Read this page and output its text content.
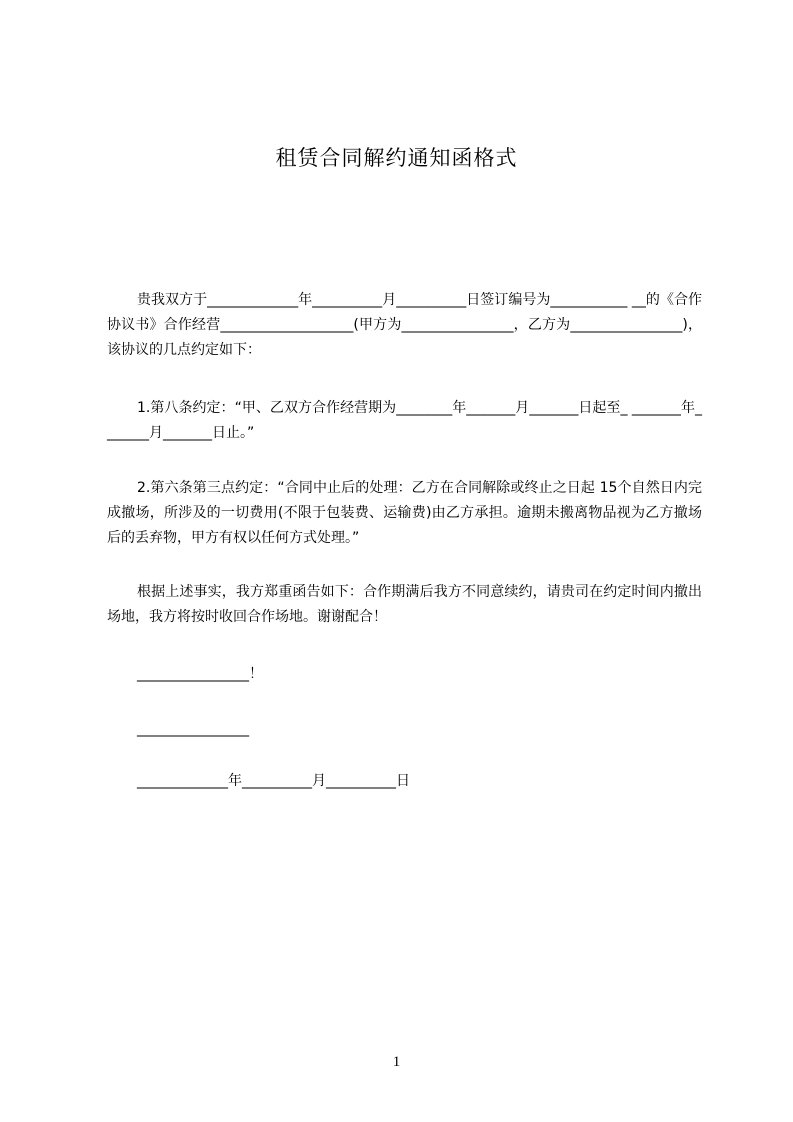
租赁合同解约通知函格式

贵我双方于_____________年__________月__________日签订编号为___________ __的《合作协议书》合作经营___________________(甲方为________________，乙方为________________)，该协议的几点约定如下：

1.第八条约定：“甲、乙双方合作经营期为________年_______月_______日起至_ _______年_______月_______日止。”

2.第六条第三点约定：“合同中止后的处理：乙方在合同解除或终止之日起 15个自然日内完成撤场，所涉及的一切费用(不限于包装费、运输费)由乙方承担。逾期未搬离物品视为乙方撤场后的丢弃物，甲方有权以任何方式处理。”

根据上述事实，我方郑重函告如下：合作期满后我方不同意续约，请贵司在约定时间内撤出场地，我方将按时收回合作场地。谢谢配合！

________________！
________________
_____________年__________月__________日
1
